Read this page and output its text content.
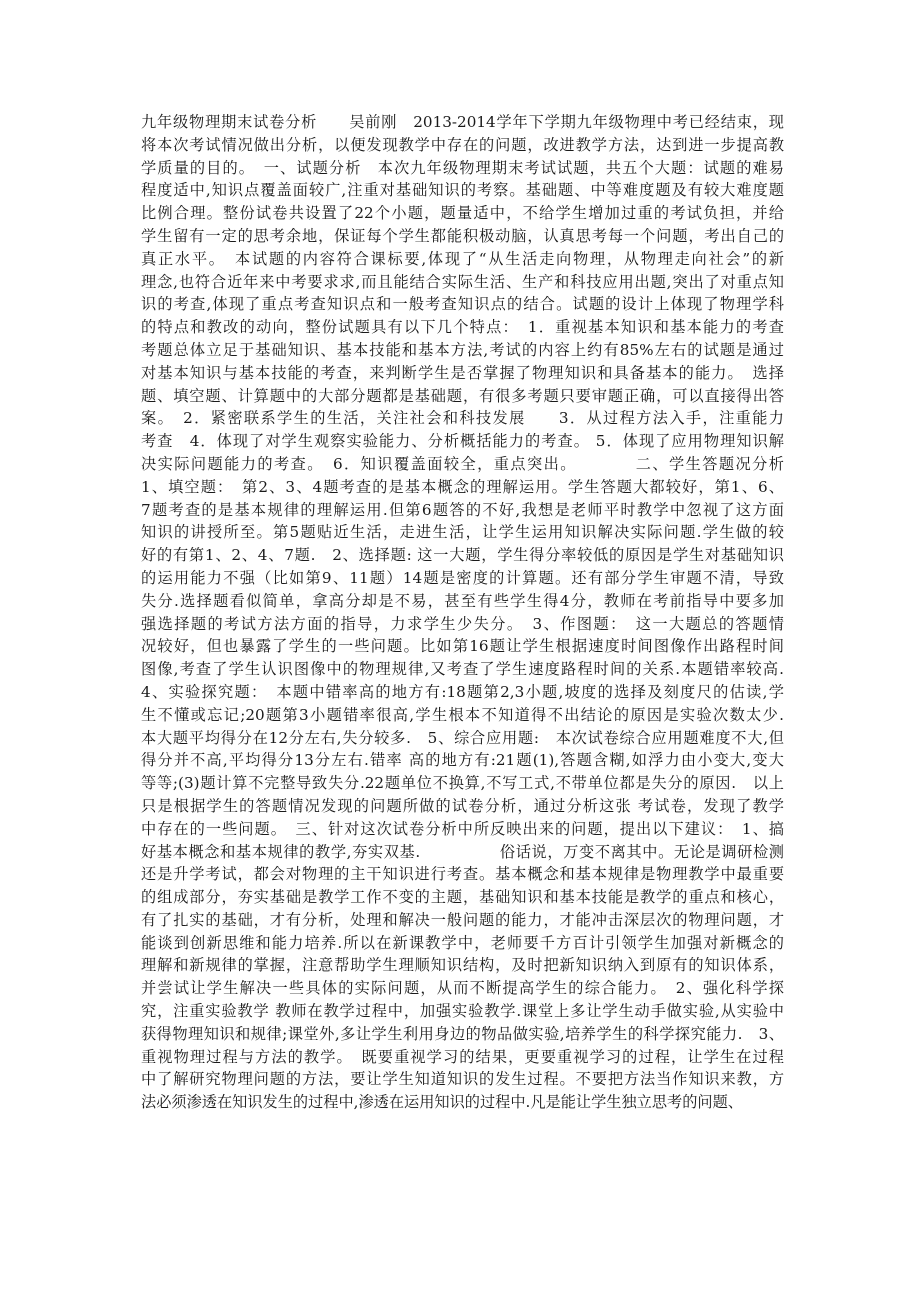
九年级物理期末试卷分析　　吴前刚　2013-2014学年下学期九年级物理中考已经结束，现
将本次考试情况做出分析，以便发现教学中存在的问题，改进教学方法，达到进一步提高教
学质量的目的。　一、试题分析　本次九年级物理期末考试试题，共五个大题：试题的难易
程度适中,知识点覆盖面较广,注重对基础知识的考察。基础题、中等难度题及有较大难度题
比例合理。整份试卷共设置了22个小题，题量适中，不给学生增加过重的考试负担，并给
学生留有一定的思考余地，保证每个学生都能积极动脑，认真思考每一个问题，考出自己的
真正水平。　本试题的内容符合课标要,体现了“从生活走向物理，从物理走向社会”的新
理念,也符合近年来中考要求求,而且能结合实际生活、生产和科技应用出题,突出了对重点知
识的考查,体现了重点考查知识点和一般考查知识点的结合。试题的设计上体现了物理学科
的特点和教改的动向，整份试题具有以下几个特点：　1．重视基本知识和基本能力的考查
考题总体立足于基础知识、基本技能和基本方法,考试的内容上约有85%左右的试题是通过
对基本知识与基本技能的考查，来判断学生是否掌握了物理知识和具备基本的能力。　选择
题、填空题、计算题中的大部分题都是基础题，有很多考题只要审题正确，可以直接得出答
案。　2．紧密联系学生的生活，关注社会和科技发展　　3．从过程方法入手，注重能力
考查　4．体现了对学生观察实验能力、分析概括能力的考查。 5．体现了应用物理知识解
决实际问题能力的考查。　6．知识覆盖面较全，重点突出。　　　　二、学生答题况分析
1、填空题：　第2、3、4题考查的是基本概念的理解运用。学生答题大都较好，第1、6、
7题考查的是基本规律的理解运用.但第6题答的不好,我想是老师平时教学中忽视了这方面
知识的讲授所至。第5题贴近生活，走进生活，让学生运用知识解决实际问题.学生做的较
好的有第1、2、4、7题.　2、选择题: 这一大题，学生得分率较低的原因是学生对基础知识
的运用能力不强（比如第9、11题）14题是密度的计算题。还有部分学生审题不清，导致
失分.选择题看似简单，拿高分却是不易，甚至有些学生得4分，教师在考前指导中要多加
强选择题的考试方法方面的指导，力求学生少失分。　3、作图题：　这一大题总的答题情
况较好，但也暴露了学生的一些问题。比如第16题让学生根据速度时间图像作出路程时间
图像,考查了学生认识图像中的物理规律,又考查了学生速度路程时间的关系.本题错率较高.
4、实验探究题：　本题中错率高的地方有:18题第2,3小题,坡度的选择及刻度尺的估读,学
生不懂或忘记;20题第3小题错率很高,学生根本不知道得不出结论的原因是实验次数太少.
本大题平均得分在12分左右,失分较多.　5、综合应用题:　本次试卷综合应用题难度不大,但
得分并不高,平均得分13分左右.错率 高的地方有:21题(1),答题含糊,如浮力由小变大,变大
等等;(3)题计算不完整导致失分.22题单位不换算,不写工式,不带单位都是失分的原因.　以上
只是根据学生的答题情况发现的问题所做的试卷分析，通过分析这张 考试卷，发现了教学
中存在的一些问题。　三、针对这次试卷分析中所反映出来的问题，提出以下建议：　1、搞
好基本概念和基本规律的教学,夯实双基.　　　　　俗话说，万变不离其中。无论是调研检测
还是升学考试，都会对物理的主干知识进行考查。基本概念和基本规律是物理教学中最重要
的组成部分，夯实基础是教学工作不变的主题，基础知识和基本技能是教学的重点和核心，
有了扎实的基础，才有分析，处理和解决一般问题的能力，才能冲击深层次的物理问题，才
能谈到创新思维和能力培养.所以在新课教学中，老师要千方百计引领学生加强对新概念的
理解和新规律的掌握，注意帮助学生理顺知识结构，及时把新知识纳入到原有的知识体系，
并尝试让学生解决一些具体的实际问题，从而不断提高学生的综合能力。　2、强化科学探
究，注重实验教学 教师在教学过程中，加强实验教学.课堂上多让学生动手做实验,从实验中
获得物理知识和规律;课堂外,多让学生利用身边的物品做实验,培养学生的科学探究能力.　3、
重视物理过程与方法的教学。　既要重视学习的结果，更要重视学习的过程，让学生在过程
中了解研究物理问题的方法，要让学生知道知识的发生过程。不要把方法当作知识来教，方
法必须渗透在知识发生的过程中,渗透在运用知识的过程中.凡是能让学生独立思考的问题、
